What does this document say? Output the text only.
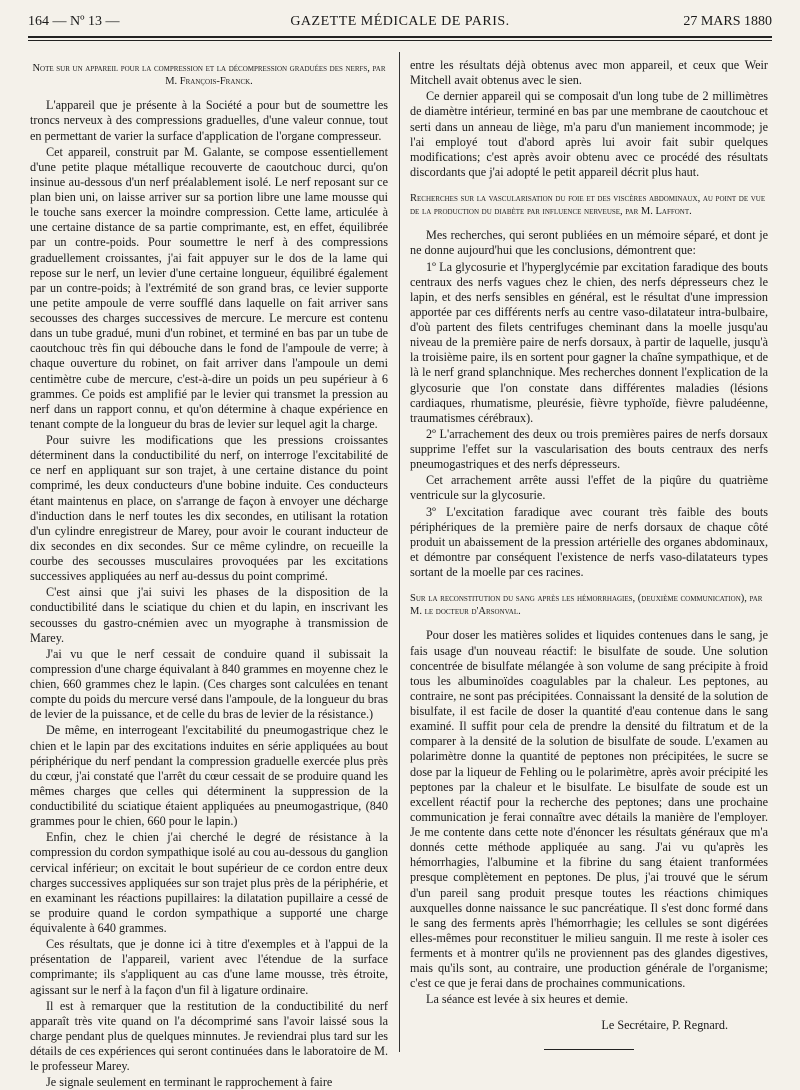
164 — Nº 13 —	GAZETTE MÉDICALE DE PARIS.	27 MARS 1880
Note sur un appareil pour la compression et la décompression graduées des nerfs, par M. François-Franck.

L'appareil que je présente à la Société a pour but de soumettre les troncs nerveux à des compressions graduelles, d'une valeur connue, tout en permettant de varier la surface d'application de l'organe compresseur.

Cet appareil, construit par M. Galante, se compose essentiellement d'une petite plaque métallique recouverte de caoutchouc durci, qu'on insinue au-dessous d'un nerf préalablement isolé. Le nerf reposant sur ce plan bien uni, on laisse arriver sur sa portion libre une lame mousse qui le touche sans exercer la moindre compression. Cette lame, articulée à une certaine distance de sa partie comprimante, est, en effet, équilibrée par un contre-poids. Pour soumettre le nerf à des compressions graduellement croissantes, j'ai fait appuyer sur le dos de la lame qui repose sur le nerf, un levier d'une certaine longueur, équilibré également par un contre-poids; à l'extrémité de son grand bras, ce levier supporte une petite ampoule de verre soufflé dans laquelle on fait arriver sans secousses des charges successives de mercure. Le mercure est contenu dans un tube gradué, muni d'un robinet, et terminé en bas par un tube de caoutchouc très fin qui débouche dans le fond de l'ampoule de verre; à chaque ouverture du robinet, on fait arriver dans l'ampoule un demi centimètre cube de mercure, c'est-à-dire un poids un peu supérieur à 6 grammes. Ce poids est amplifié par le levier qui transmet la pression au nerf dans un rapport connu, et qu'on détermine à chaque expérience en tenant compte de la longueur du bras de levier sur lequel agit la charge.

Pour suivre les modifications que les pressions croissantes déterminent dans la conductibilité du nerf, on interroge l'excitabilité de ce nerf en appliquant sur son trajet, à une certaine distance du point comprimé, les deux conducteurs d'une bobine induite. Ces conducteurs étant maintenus en place, on s'arrange de façon à envoyer une décharge d'induction dans le nerf toutes les dix secondes, en utilisant la rotation d'un cylindre enregistreur de Marey, pour avoir le courant inducteur de dix secondes en dix secondes. Sur ce même cylindre, on recueille la courbe des secousses musculaires provoquées par les excitations successives appliquées au nerf au-dessus du point comprimé.

C'est ainsi que j'ai suivi les phases de la disposition de la conductibilité dans le sciatique du chien et du lapin, en inscrivant les secousses du gastro-cnémien avec un myographe à transmission de Marey.

J'ai vu que le nerf cessait de conduire quand il subissait la compression d'une charge équivalant à 840 grammes en moyenne chez le chien, 660 grammes chez le lapin. (Ces charges sont calculées en tenant compte du poids du mercure versé dans l'ampoule, de la longueur du bras de levier de la puissance, et de celle du bras de levier de la résistance.)

De même, en interrogeant l'excitabilité du pneumogastrique chez le chien et le lapin par des excitations induites en série appliquées au bout périphérique du nerf pendant la compression graduelle exercée plus près du cœur, j'ai constaté que l'arrêt du cœur cessait de se produire quand les mêmes charges que celles qui déterminent la suppression de la conductibilité du sciatique étaient appliquées au pneumogastrique, (840 grammes pour le chien, 660 pour le lapin.)

Enfin, chez le chien j'ai cherché le degré de résistance à la compression du cordon sympathique isolé au cou au-dessous du ganglion cervical inférieur; on excitait le bout supérieur de ce cordon entre deux charges successives appliquées sur son trajet plus près de la périphérie, et en examinant les réactions pupillaires: la dilatation pupillaire a cessé de se produire quand le cordon sympathique a supporté une charge équivalente à 640 grammes.

Ces résultats, que je donne ici à titre d'exemples et à l'appui de la présentation de l'appareil, varient avec l'étendue de la surface comprimante; ils s'appliquent au cas d'une lame mousse, très étroite, agissant sur le nerf à la façon d'un fil à ligature ordinaire.

Il est à remarquer que la restitution de la conductibilité du nerf apparaît très vite quand on l'a décomprimé sans l'avoir laissé sous la charge pendant plus de quelques minnutes. Je reviendrai plus tard sur les détails de ces expériences qui seront continuées dans le laboratoire de M. le professeur Marey.

Je signale seulement en terminant le rapprochement à faire

entre les résultats déjà obtenus avec mon appareil, et ceux que Weir Mitchell avait obtenus avec le sien.

Ce dernier appareil qui se composait d'un long tube de 2 millimètres de diamètre intérieur, terminé en bas par une membrane de caoutchouc et serti dans un anneau de liège, m'a paru d'un maniement incommode; je l'ai employé tout d'abord après lui avoir fait subir quelques modifications; c'est après avoir obtenu avec ce procédé des résultats discordants que j'ai adopté le petit appareil décrit plus haut.

Recherches sur la vascularisation du foie et des viscères abdominaux, au point de vue de la production du diabète par influence nerveuse, par M. Laffont.

Mes recherches, qui seront publiées en un mémoire séparé, et dont je ne donne aujourd'hui que les conclusions, démontrent que:

1º La glycosurie et l'hyperglycémie par excitation faradique des bouts centraux des nerfs vagues chez le chien, des nerfs dépresseurs chez le lapin, et des nerfs sensibles en général, est le résultat d'une impression apportée par ces différents nerfs au centre vaso-dilatateur intra-bulbaire, d'où partent des filets centrifuges cheminant dans la moelle jusqu'au niveau de la première paire de nerfs dorsaux, à partir de laquelle, jusqu'à la troisième paire, ils en sortent pour gagner la chaîne sympathique, et de là le nerf grand splanchnique. Mes recherches donnent l'explication de la glycosurie que l'on constate dans différentes maladies (lésions cardiaques, rhumatisme, pleurésie, fièvre typhoïde, fièvre paludéenne, traumatismes cérébraux).

2º L'arrachement des deux ou trois premières paires de nerfs dorsaux supprime l'effet sur la vascularisation des bouts centraux des nerfs pneumogastriques et des nerfs dépresseurs.

Cet arrachement arrête aussi l'effet de la piqûre du quatrième ventricule sur la glycosurie.

3º L'excitation faradique avec courant très faible des bouts périphériques de la première paire de nerfs dorsaux de chaque côté produit un abaissement de la pression artérielle des organes abdominaux, et démontre par conséquent l'existence de nerfs vaso-dilatateurs types sortant de la moelle par ces racines.

Sur la reconstitution du sang après les hémorrhagies, (deuxième communication), par M. le docteur d'Arsonval.

Pour doser les matières solides et liquides contenues dans le sang, je fais usage d'un nouveau réactif: le bisulfate de soude. Une solution concentrée de bisulfate mélangée à son volume de sang précipite à froid tous les albuminoïdes coagulables par la chaleur. Les peptones, au contraire, ne sont pas précipitées. Connaissant la densité de la solution de bisulfate, il est facile de doser la quantité d'eau contenue dans le sang examiné. Il suffit pour cela de prendre la densité du filtratum et de la comparer à la densité de la solution de bisulfate de soude. L'examen au polarimètre donne la quantité de peptones non précipitées, le sucre se dose par la liqueur de Fehling ou le polarimètre, après avoir précipité les peptones par la chaleur et le bisulfate. Le bisulfate de soude est un excellent réactif pour la recherche des peptones; dans une prochaine communication je ferai connaître avec détails la manière de l'employer. Je me contente dans cette note d'énoncer les résultats généraux que m'a donnés cette méthode appliquée au sang. J'ai vu qu'après les hémorrhagies, l'albumine et la fibrine du sang étaient tranformées presque complètement en peptones. De plus, j'ai trouvé que le sérum d'un pareil sang produit presque toutes les réactions chimiques auxquelles donne naissance le suc pancréatique. Il s'est donc formé dans le sang des ferments après l'hémorrhagie; les cellules se sont digérées elles-mêmes pour reconstituer le milieu sanguin. Il me reste à isoler ces ferments et à montrer qu'ils ne proviennent pas des glandes digestives, mais qu'ils sont, au contraire, une production générale de l'organisme; c'est ce que je ferai dans de prochaines communications.

La séance est levée à six heures et demie.

Le Secrétaire, P. Regnard.
